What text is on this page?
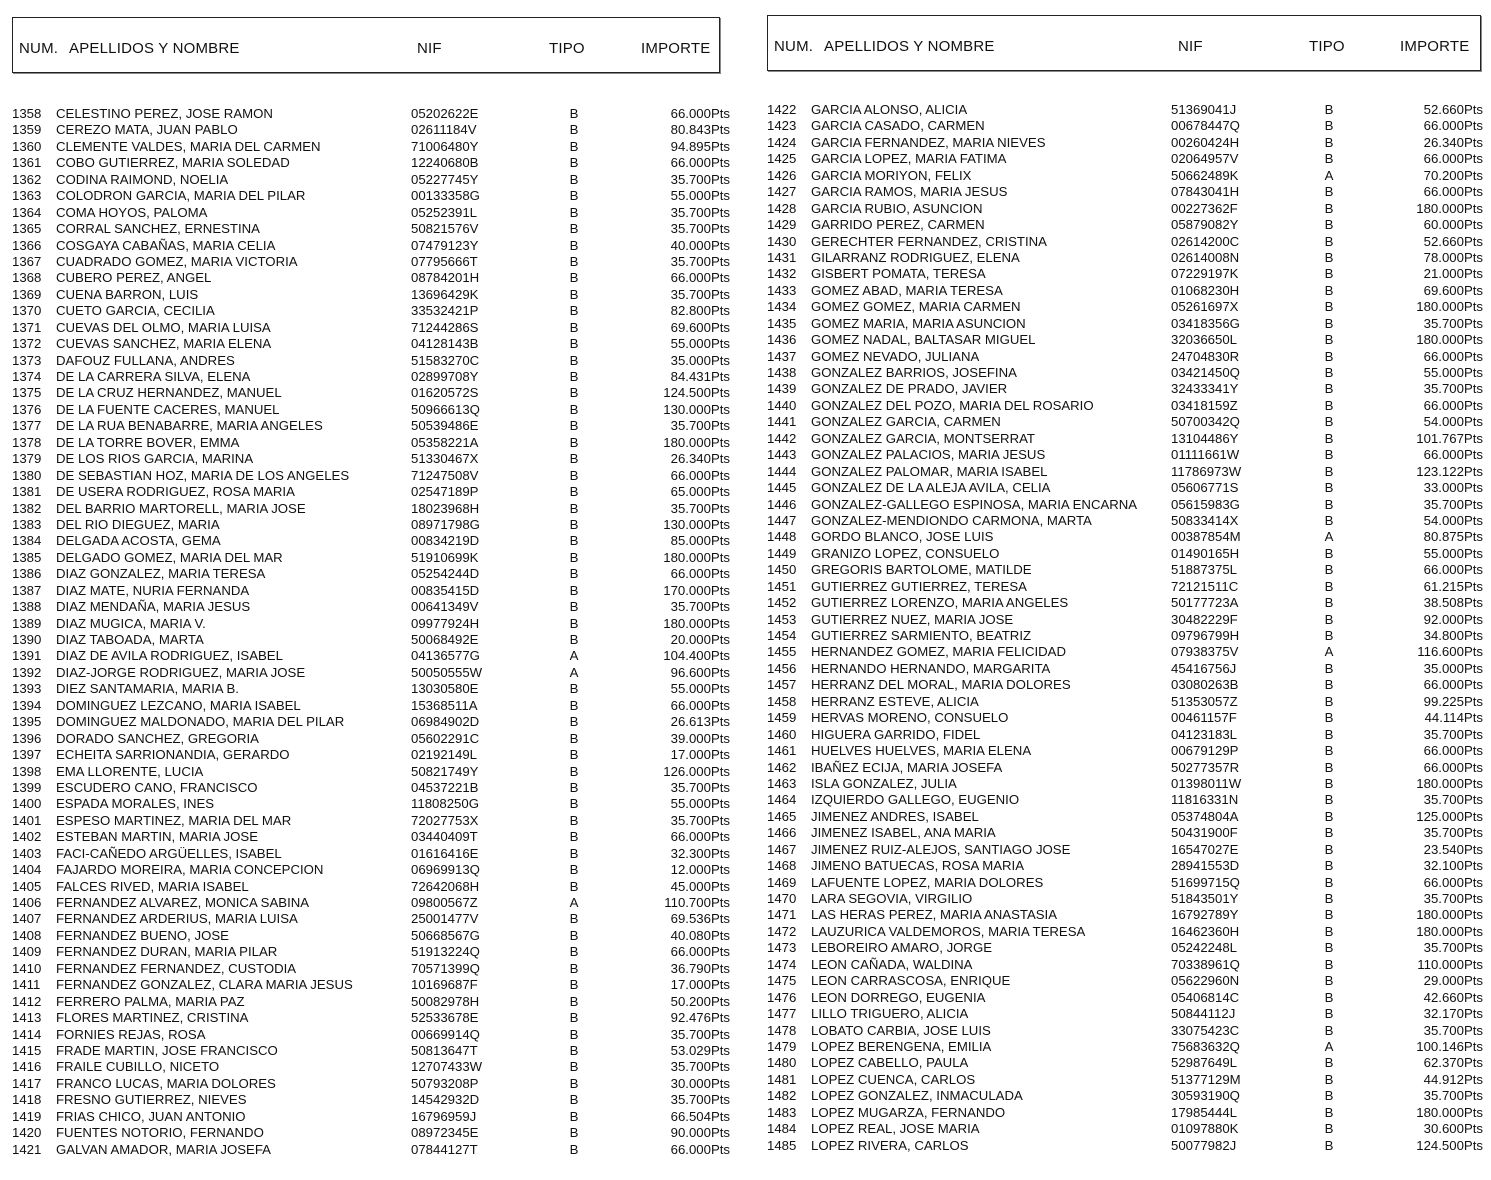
NUM. APELLIDOS Y NOMBRE	NIF	TIPO	IMPORTE
1358 CELESTINO PEREZ, JOSE RAMON	05202622E	B	66.000Pts
1359 CEREZO MATA, JUAN PABLO	02611184V	B	80.843Pts
1360 CLEMENTE VALDES, MARIA DEL CARMEN	71006480Y	B	94.895Pts
1361 COBO GUTIERREZ, MARIA SOLEDAD	12240680B	B	66.000Pts
1362 CODINA RAIMOND, NOELIA	05227745Y	B	35.700Pts
1363 COLODRON GARCIA, MARIA DEL PILAR	00133358G	B	55.000Pts
1364 COMA HOYOS, PALOMA	05252391L	B	35.700Pts
1365 CORRAL SANCHEZ, ERNESTINA	50821576V	B	35.700Pts
1366 COSGAYA CABAÑAS, MARIA CELIA	07479123Y	B	40.000Pts
1367 CUADRADO GOMEZ, MARIA VICTORIA	07795666T	B	35.700Pts
1368 CUBERO PEREZ, ANGEL	08784201H	B	66.000Pts
1369 CUENA BARRON, LUIS	13696429K	B	35.700Pts
1370 CUETO GARCIA, CECILIA	33532421P	B	82.800Pts
1371 CUEVAS DEL OLMO, MARIA LUISA	71244286S	B	69.600Pts
1372 CUEVAS SANCHEZ, MARIA ELENA	04128143B	B	55.000Pts
1373 DAFOUZ FULLANA, ANDRES	51583270C	B	35.000Pts
1374 DE LA CARRERA SILVA, ELENA	02899708Y	B	84.431Pts
1375 DE LA CRUZ HERNANDEZ, MANUEL	01620572S	B	124.500Pts
1376 DE LA FUENTE CACERES, MANUEL	50966613Q	B	130.000Pts
1377 DE LA RUA BENABARRE, MARIA ANGELES	50539486E	B	35.700Pts
1378 DE LA TORRE BOVER, EMMA	05358221A	B	180.000Pts
1379 DE LOS RIOS GARCIA, MARINA	51330467X	B	26.340Pts
1380 DE SEBASTIAN HOZ, MARIA DE LOS ANGELES	71247508V	B	66.000Pts
1381 DE USERA RODRIGUEZ, ROSA MARIA	02547189P	B	65.000Pts
1382 DEL BARRIO MARTORELL, MARIA JOSE	18023968H	B	35.700Pts
1383 DEL RIO DIEGUEZ, MARIA	08971798G	B	130.000Pts
1384 DELGADA ACOSTA, GEMA	00834219D	B	85.000Pts
1385 DELGADO GOMEZ, MARIA DEL MAR	51910699K	B	180.000Pts
1386 DIAZ GONZALEZ, MARIA TERESA	05254244D	B	66.000Pts
1387 DIAZ MATE, NURIA FERNANDA	00835415D	B	170.000Pts
1388 DIAZ MENDAÑA, MARIA JESUS	00641349V	B	35.700Pts
1389 DIAZ MUGICA, MARIA V.	09977924H	B	180.000Pts
1390 DIAZ TABOADA, MARTA	50068492E	B	20.000Pts
1391 DIAZ DE AVILA RODRIGUEZ, ISABEL	04136577G	A	104.400Pts
1392 DIAZ-JORGE RODRIGUEZ, MARIA JOSE	50050555W	A	96.600Pts
1393 DIEZ SANTAMARIA, MARIA B.	13030580E	B	55.000Pts
1394 DOMINGUEZ LEZCANO, MARIA ISABEL	15368511A	B	66.000Pts
1395 DOMINGUEZ MALDONADO, MARIA DEL PILAR	06984902D	B	26.613Pts
1396 DORADO SANCHEZ, GREGORIA	05602291C	B	39.000Pts
1397 ECHEITA SARRIONANDIA, GERARDO	02192149L	B	17.000Pts
1398 EMA LLORENTE, LUCIA	50821749Y	B	126.000Pts
1399 ESCUDERO CANO, FRANCISCO	04537221B	B	35.700Pts
1400 ESPADA MORALES, INES	11808250G	B	55.000Pts
1401 ESPESO MARTINEZ, MARIA DEL MAR	72027753X	B	35.700Pts
1402 ESTEBAN MARTIN, MARIA JOSE	03440409T	B	66.000Pts
1403 FACI-CAÑEDO ARGÜELLES, ISABEL	01616416E	B	32.300Pts
1404 FAJARDO MOREIRA, MARIA CONCEPCION	06969913Q	B	12.000Pts
1405 FALCES RIVED, MARIA ISABEL	72642068H	B	45.000Pts
1406 FERNANDEZ ALVAREZ, MONICA SABINA	09800567Z	A	110.700Pts
1407 FERNANDEZ ARDERIUS, MARIA LUISA	25001477V	B	69.536Pts
1408 FERNANDEZ BUENO, JOSE	50668567G	B	40.080Pts
1409 FERNANDEZ DURAN, MARIA PILAR	51913224Q	B	66.000Pts
1410 FERNANDEZ FERNANDEZ, CUSTODIA	70571399Q	B	36.790Pts
1411 FERNANDEZ GONZALEZ, CLARA MARIA JESUS	10169687F	B	17.000Pts
1412 FERRERO PALMA, MARIA PAZ	50082978H	B	50.200Pts
1413 FLORES MARTINEZ, CRISTINA	52533678E	B	92.476Pts
1414 FORNIES REJAS, ROSA	00669914Q	B	35.700Pts
1415 FRADE MARTIN, JOSE FRANCISCO	50813647T	B	53.029Pts
1416 FRAILE CUBILLO, NICETO	12707433W	B	35.700Pts
1417 FRANCO LUCAS, MARIA DOLORES	50793208P	B	30.000Pts
1418 FRESNO GUTIERREZ, NIEVES	14542932D	B	35.700Pts
1419 FRIAS CHICO, JUAN ANTONIO	16796959J	B	66.504Pts
1420 FUENTES NOTORIO, FERNANDO	08972345E	B	90.000Pts
1421 GALVAN AMADOR, MARIA JOSEFA	07844127T	B	66.000Pts
NUM. APELLIDOS Y NOMBRE	NIF	TIPO	IMPORTE
1422 GARCIA ALONSO, ALICIA	51369041J	B	52.660Pts
1423 GARCIA CASADO, CARMEN	00678447Q	B	66.000Pts
1424 GARCIA FERNANDEZ, MARIA NIEVES	00260424H	B	26.340Pts
1425 GARCIA LOPEZ, MARIA FATIMA	02064957V	B	66.000Pts
1426 GARCIA MORIYON, FELIX	50662489K	A	70.200Pts
1427 GARCIA RAMOS, MARIA JESUS	07843041H	B	66.000Pts
1428 GARCIA RUBIO, ASUNCION	00227362F	B	180.000Pts
1429 GARRIDO PEREZ, CARMEN	05879082Y	B	60.000Pts
1430 GERECHTER FERNANDEZ, CRISTINA	02614200C	B	52.660Pts
1431 GILARRANZ RODRIGUEZ, ELENA	02614008N	B	78.000Pts
1432 GISBERT POMATA, TERESA	07229197K	B	21.000Pts
1433 GOMEZ ABAD, MARIA TERESA	01068230H	B	69.600Pts
1434 GOMEZ GOMEZ, MARIA CARMEN	05261697X	B	180.000Pts
1435 GOMEZ MARIA, MARIA ASUNCION	03418356G	B	35.700Pts
1436 GOMEZ NADAL, BALTASAR MIGUEL	32036650L	B	180.000Pts
1437 GOMEZ NEVADO, JULIANA	24704830R	B	66.000Pts
1438 GONZALEZ BARRIOS, JOSEFINA	03421450Q	B	55.000Pts
1439 GONZALEZ DE PRADO, JAVIER	32433341Y	B	35.700Pts
1440 GONZALEZ DEL POZO, MARIA DEL ROSARIO	03418159Z	B	66.000Pts
1441 GONZALEZ GARCIA, CARMEN	50700342Q	B	54.000Pts
1442 GONZALEZ GARCIA, MONTSERRAT	13104486Y	B	101.767Pts
1443 GONZALEZ PALACIOS, MARIA JESUS	01111661W	B	66.000Pts
1444 GONZALEZ PALOMAR, MARIA ISABEL	11786973W	B	123.122Pts
1445 GONZALEZ DE LA ALEJA AVILA, CELIA	05606771S	B	33.000Pts
1446 GONZALEZ-GALLEGO ESPINOSA, MARIA ENCARNA	05615983G	B	35.700Pts
1447 GONZALEZ-MENDIONDO CARMONA, MARTA	50833414X	B	54.000Pts
1448 GORDO BLANCO, JOSE LUIS	00387854M	A	80.875Pts
1449 GRANIZO LOPEZ, CONSUELO	01490165H	B	55.000Pts
1450 GREGORIS BARTOLOME, MATILDE	51887375L	B	66.000Pts
1451 GUTIERREZ GUTIERREZ, TERESA	72121511C	B	61.215Pts
1452 GUTIERREZ LORENZO, MARIA ANGELES	50177723A	B	38.508Pts
1453 GUTIERREZ NUEZ, MARIA JOSE	30482229F	B	92.000Pts
1454 GUTIERREZ SARMIENTO, BEATRIZ	09796799H	B	34.800Pts
1455 HERNANDEZ GOMEZ, MARIA FELICIDAD	07938375V	A	116.600Pts
1456 HERNANDO HERNANDO, MARGARITA	45416756J	B	35.000Pts
1457 HERRANZ DEL MORAL, MARIA DOLORES	03080263B	B	66.000Pts
1458 HERRANZ ESTEVE, ALICIA	51353057Z	B	99.225Pts
1459 HERVAS MORENO, CONSUELO	00461157F	B	44.114Pts
1460 HIGUERA GARRIDO, FIDEL	04123183L	B	35.700Pts
1461 HUELVES HUELVES, MARIA ELENA	00679129P	B	66.000Pts
1462 IBAÑEZ ECIJA, MARIA JOSEFA	50277357R	B	66.000Pts
1463 ISLA GONZALEZ, JULIA	01398011W	B	180.000Pts
1464 IZQUIERDO GALLEGO, EUGENIO	11816331N	B	35.700Pts
1465 JIMENEZ ANDRES, ISABEL	05374804A	B	125.000Pts
1466 JIMENEZ ISABEL, ANA MARIA	50431900F	B	35.700Pts
1467 JIMENEZ RUIZ-ALEJOS, SANTIAGO JOSE	16547027E	B	23.540Pts
1468 JIMENO BATUECAS, ROSA MARIA	28941553D	B	32.100Pts
1469 LAFUENTE LOPEZ, MARIA DOLORES	51699715Q	B	66.000Pts
1470 LARA SEGOVIA, VIRGILIO	51843501Y	B	35.700Pts
1471 LAS HERAS PEREZ, MARIA ANASTASIA	16792789Y	B	180.000Pts
1472 LAUZURICA VALDEMOROS, MARIA TERESA	16462360H	B	180.000Pts
1473 LEBOREIRO AMARO, JORGE	05242248L	B	35.700Pts
1474 LEON CAÑADA, WALDINA	70338961Q	B	110.000Pts
1475 LEON CARRASCOSA, ENRIQUE	05622960N	B	29.000Pts
1476 LEON DORREGO, EUGENIA	05406814C	B	42.660Pts
1477 LILLO TRIGUERO, ALICIA	50844112J	B	32.170Pts
1478 LOBATO CARBIA, JOSE LUIS	33075423C	B	35.700Pts
1479 LOPEZ BERENGENA, EMILIA	75683632Q	A	100.146Pts
1480 LOPEZ CABELLO, PAULA	52987649L	B	62.370Pts
1481 LOPEZ CUENCA, CARLOS	51377129M	B	44.912Pts
1482 LOPEZ GONZALEZ, INMACULADA	30593190Q	B	35.700Pts
1483 LOPEZ MUGARZA, FERNANDO	17985444L	B	180.000Pts
1484 LOPEZ REAL, JOSE MARIA	01097880K	B	30.600Pts
1485 LOPEZ RIVERA, CARLOS	50077982J	B	124.500Pts
